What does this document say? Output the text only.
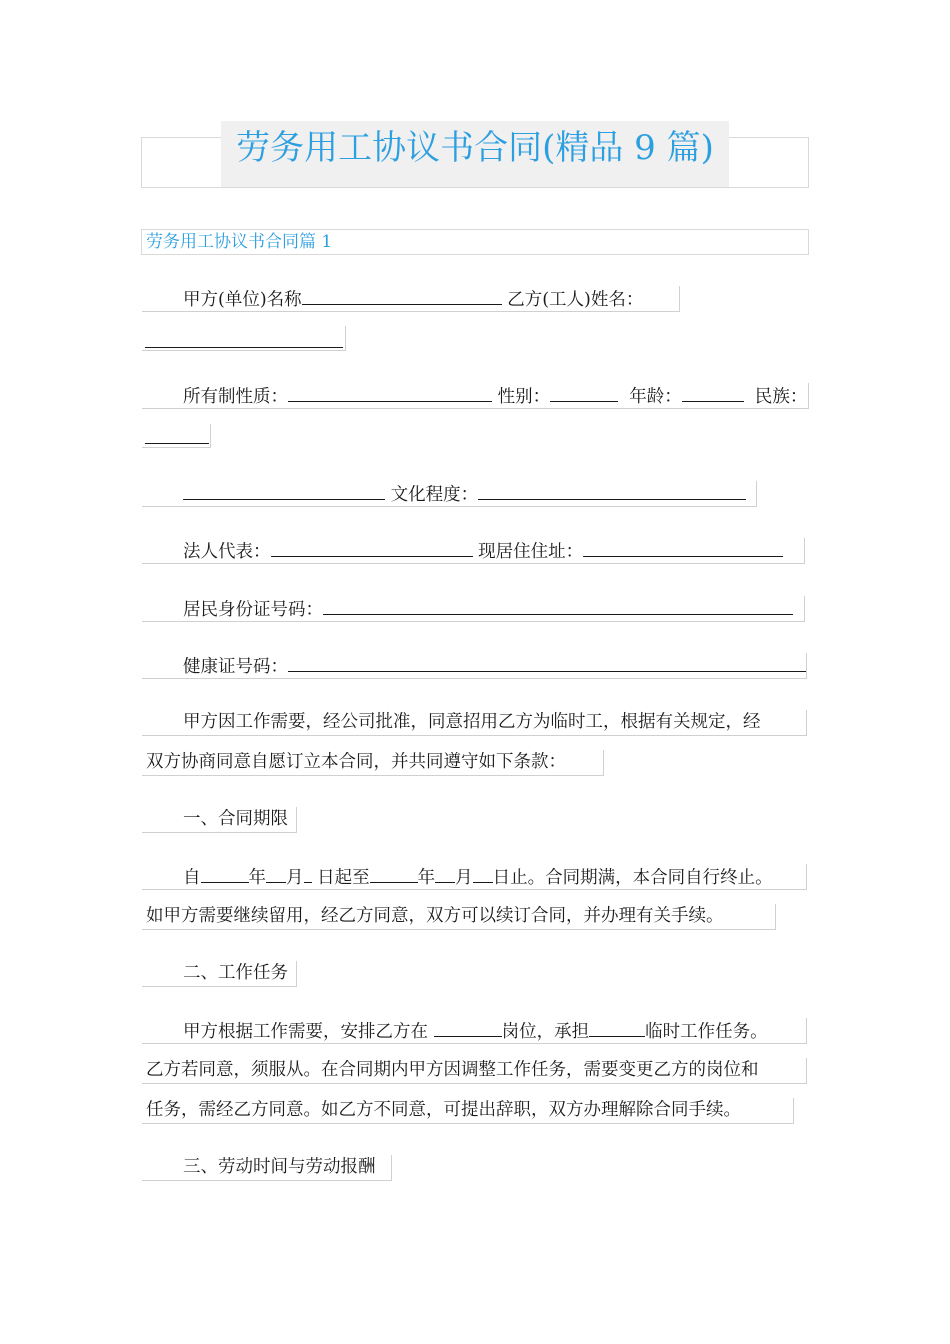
劳务用工协议书合同(精品 9 篇)
劳务用工协议书合同篇 1
甲方(单位)名称	乙方(工人)姓名：
所有制性质：	性别：	年龄：	民族：
文化程度：
法人代表：	现居住住址：
居民身份证号码：
健康证号码：
甲方因工作需要，经公司批准，同意招用乙方为临时工，根据有关规定，经
双方协商同意自愿订立本合同，并共同遵守如下条款：
一、合同期限
自	年 月 日起至	年 月 日止。合同期满，本合同自行终止。
如甲方需要继续留用，经乙方同意，双方可以续订合同，并办理有关手续。
二、工作任务
甲方根据工作需要，安排乙方在	岗位，承担	临时工作任务。
乙方若同意，须服从。在合同期内甲方因调整工作任务，需要变更乙方的岗位和
任务，需经乙方同意。如乙方不同意，可提出辞职，双方办理解除合同手续。
三、劳动时间与劳动报酬
